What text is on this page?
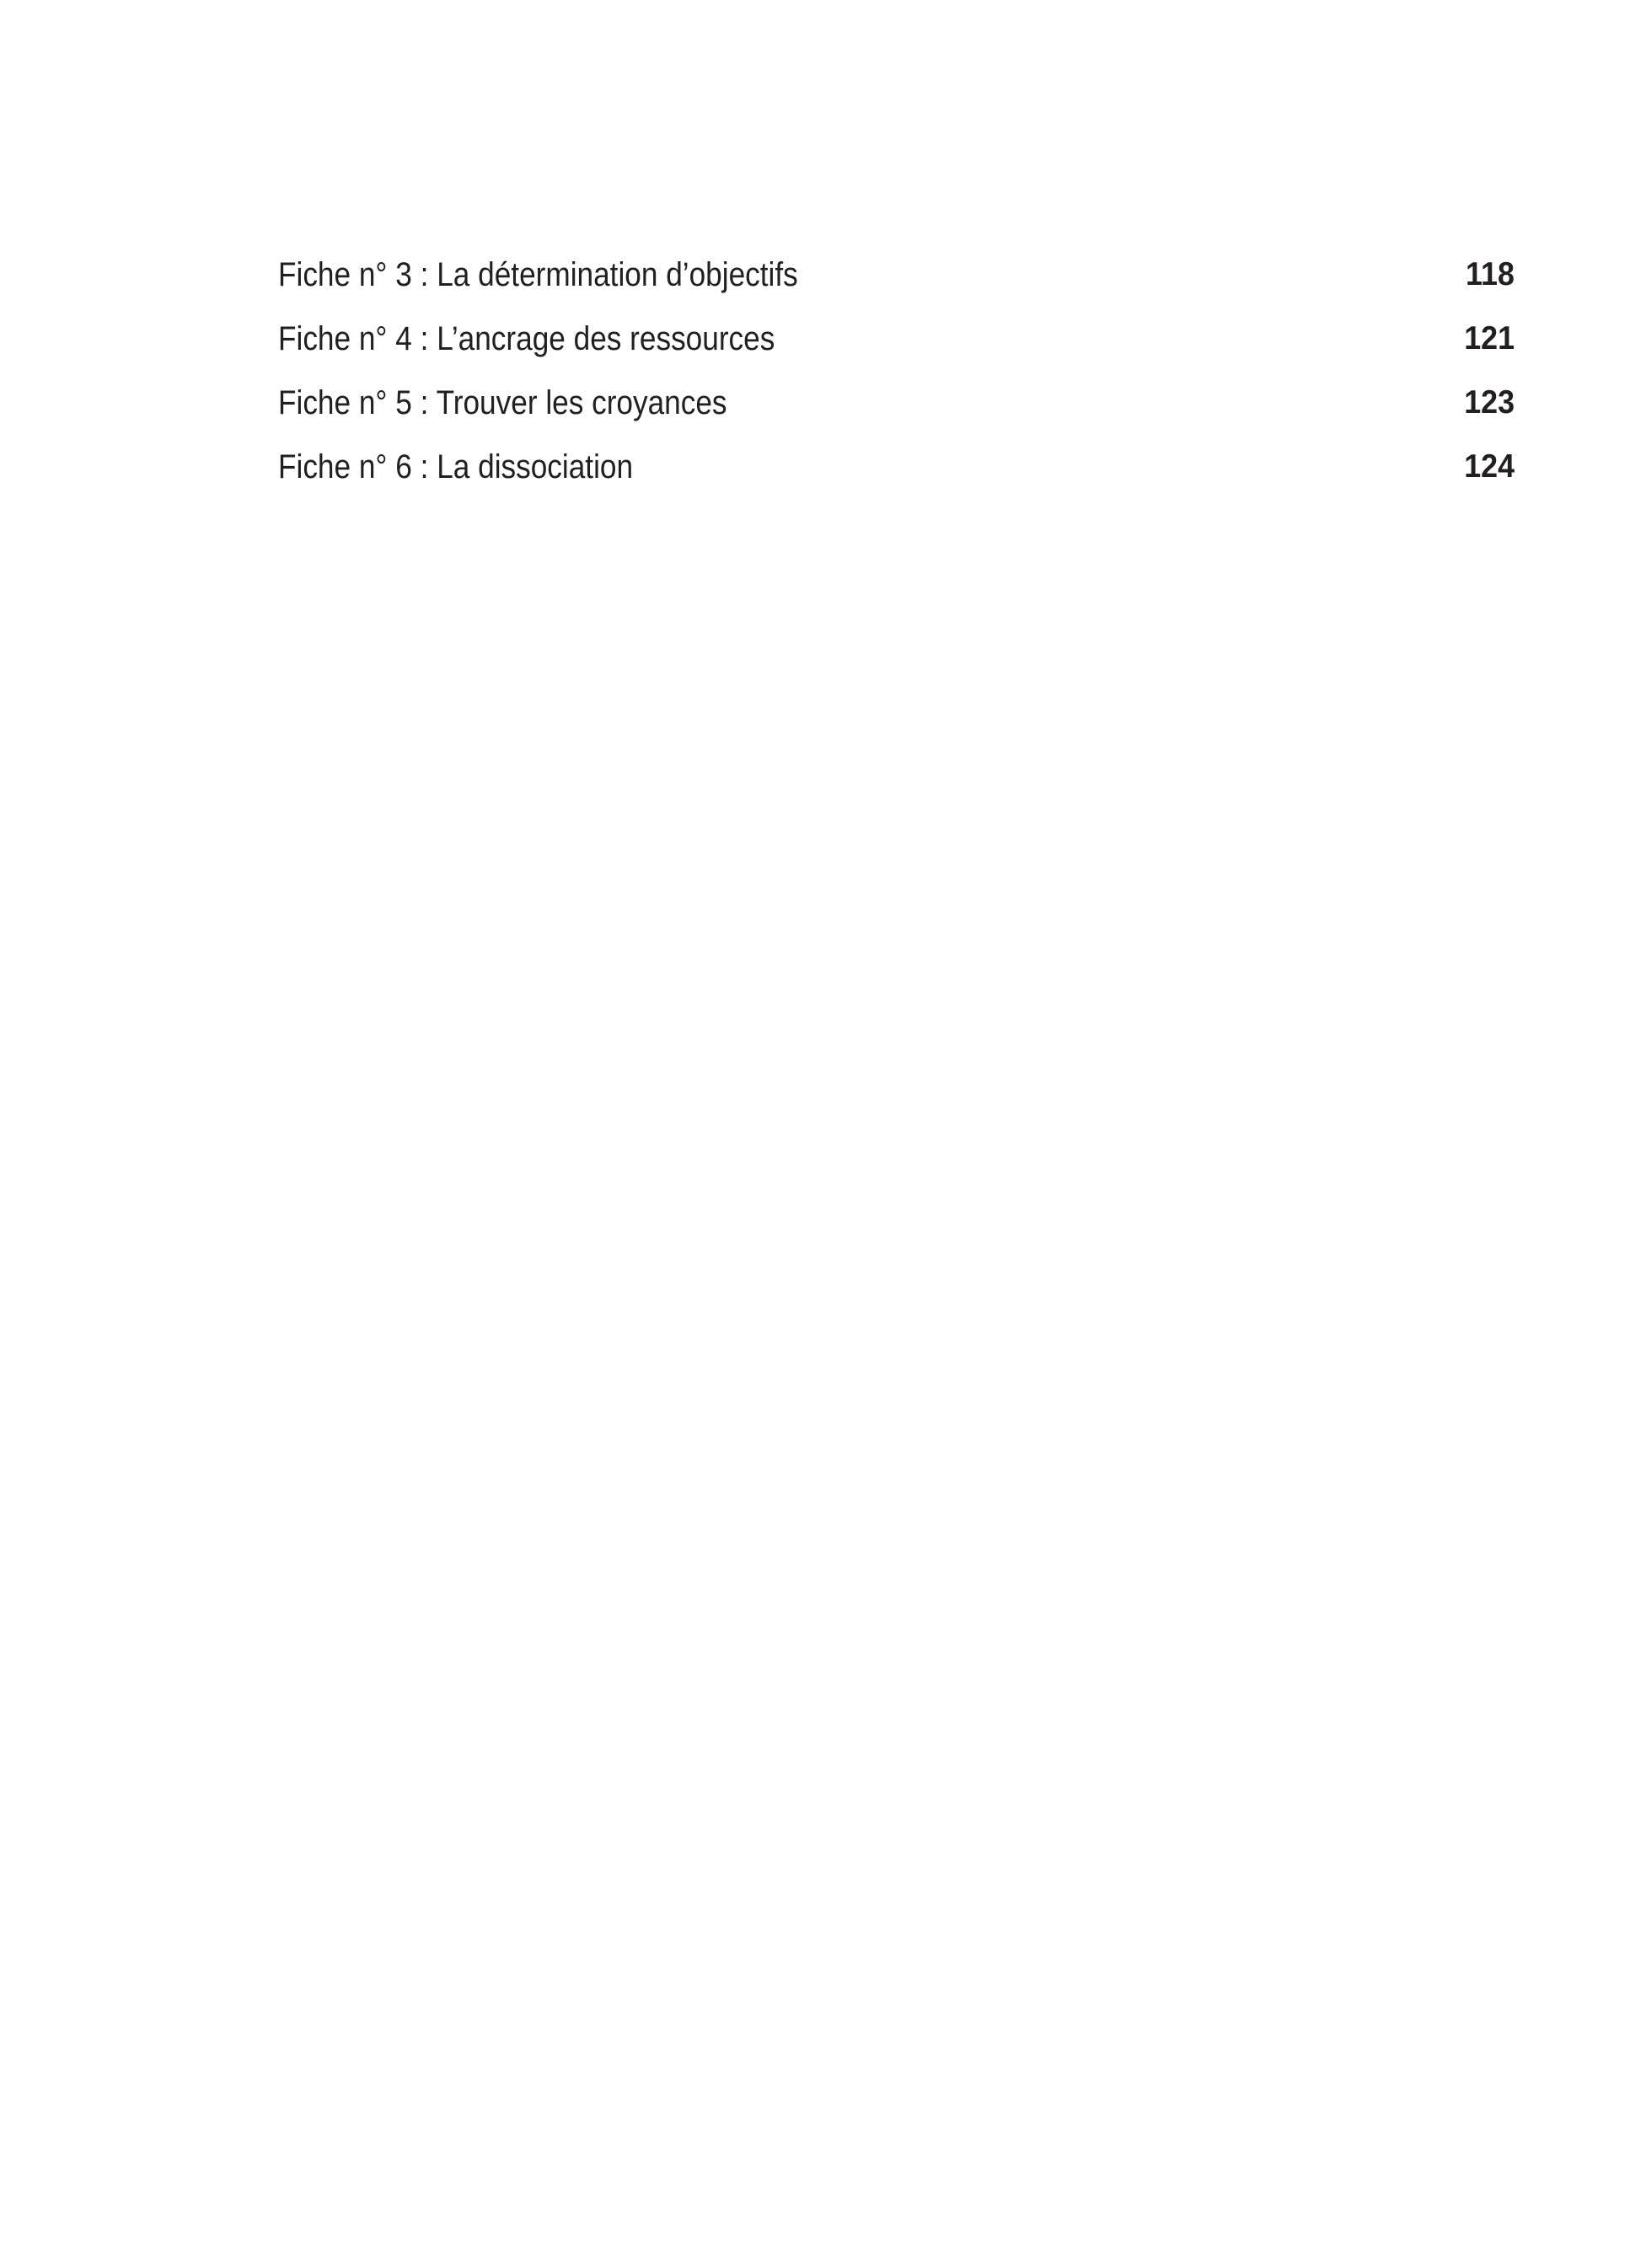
Fiche n° 3 : La détermination d’objectifs	118
Fiche n° 4 : L’ancrage des ressources	121
Fiche n° 5 : Trouver les croyances	123
Fiche n° 6 : La dissociation	124
